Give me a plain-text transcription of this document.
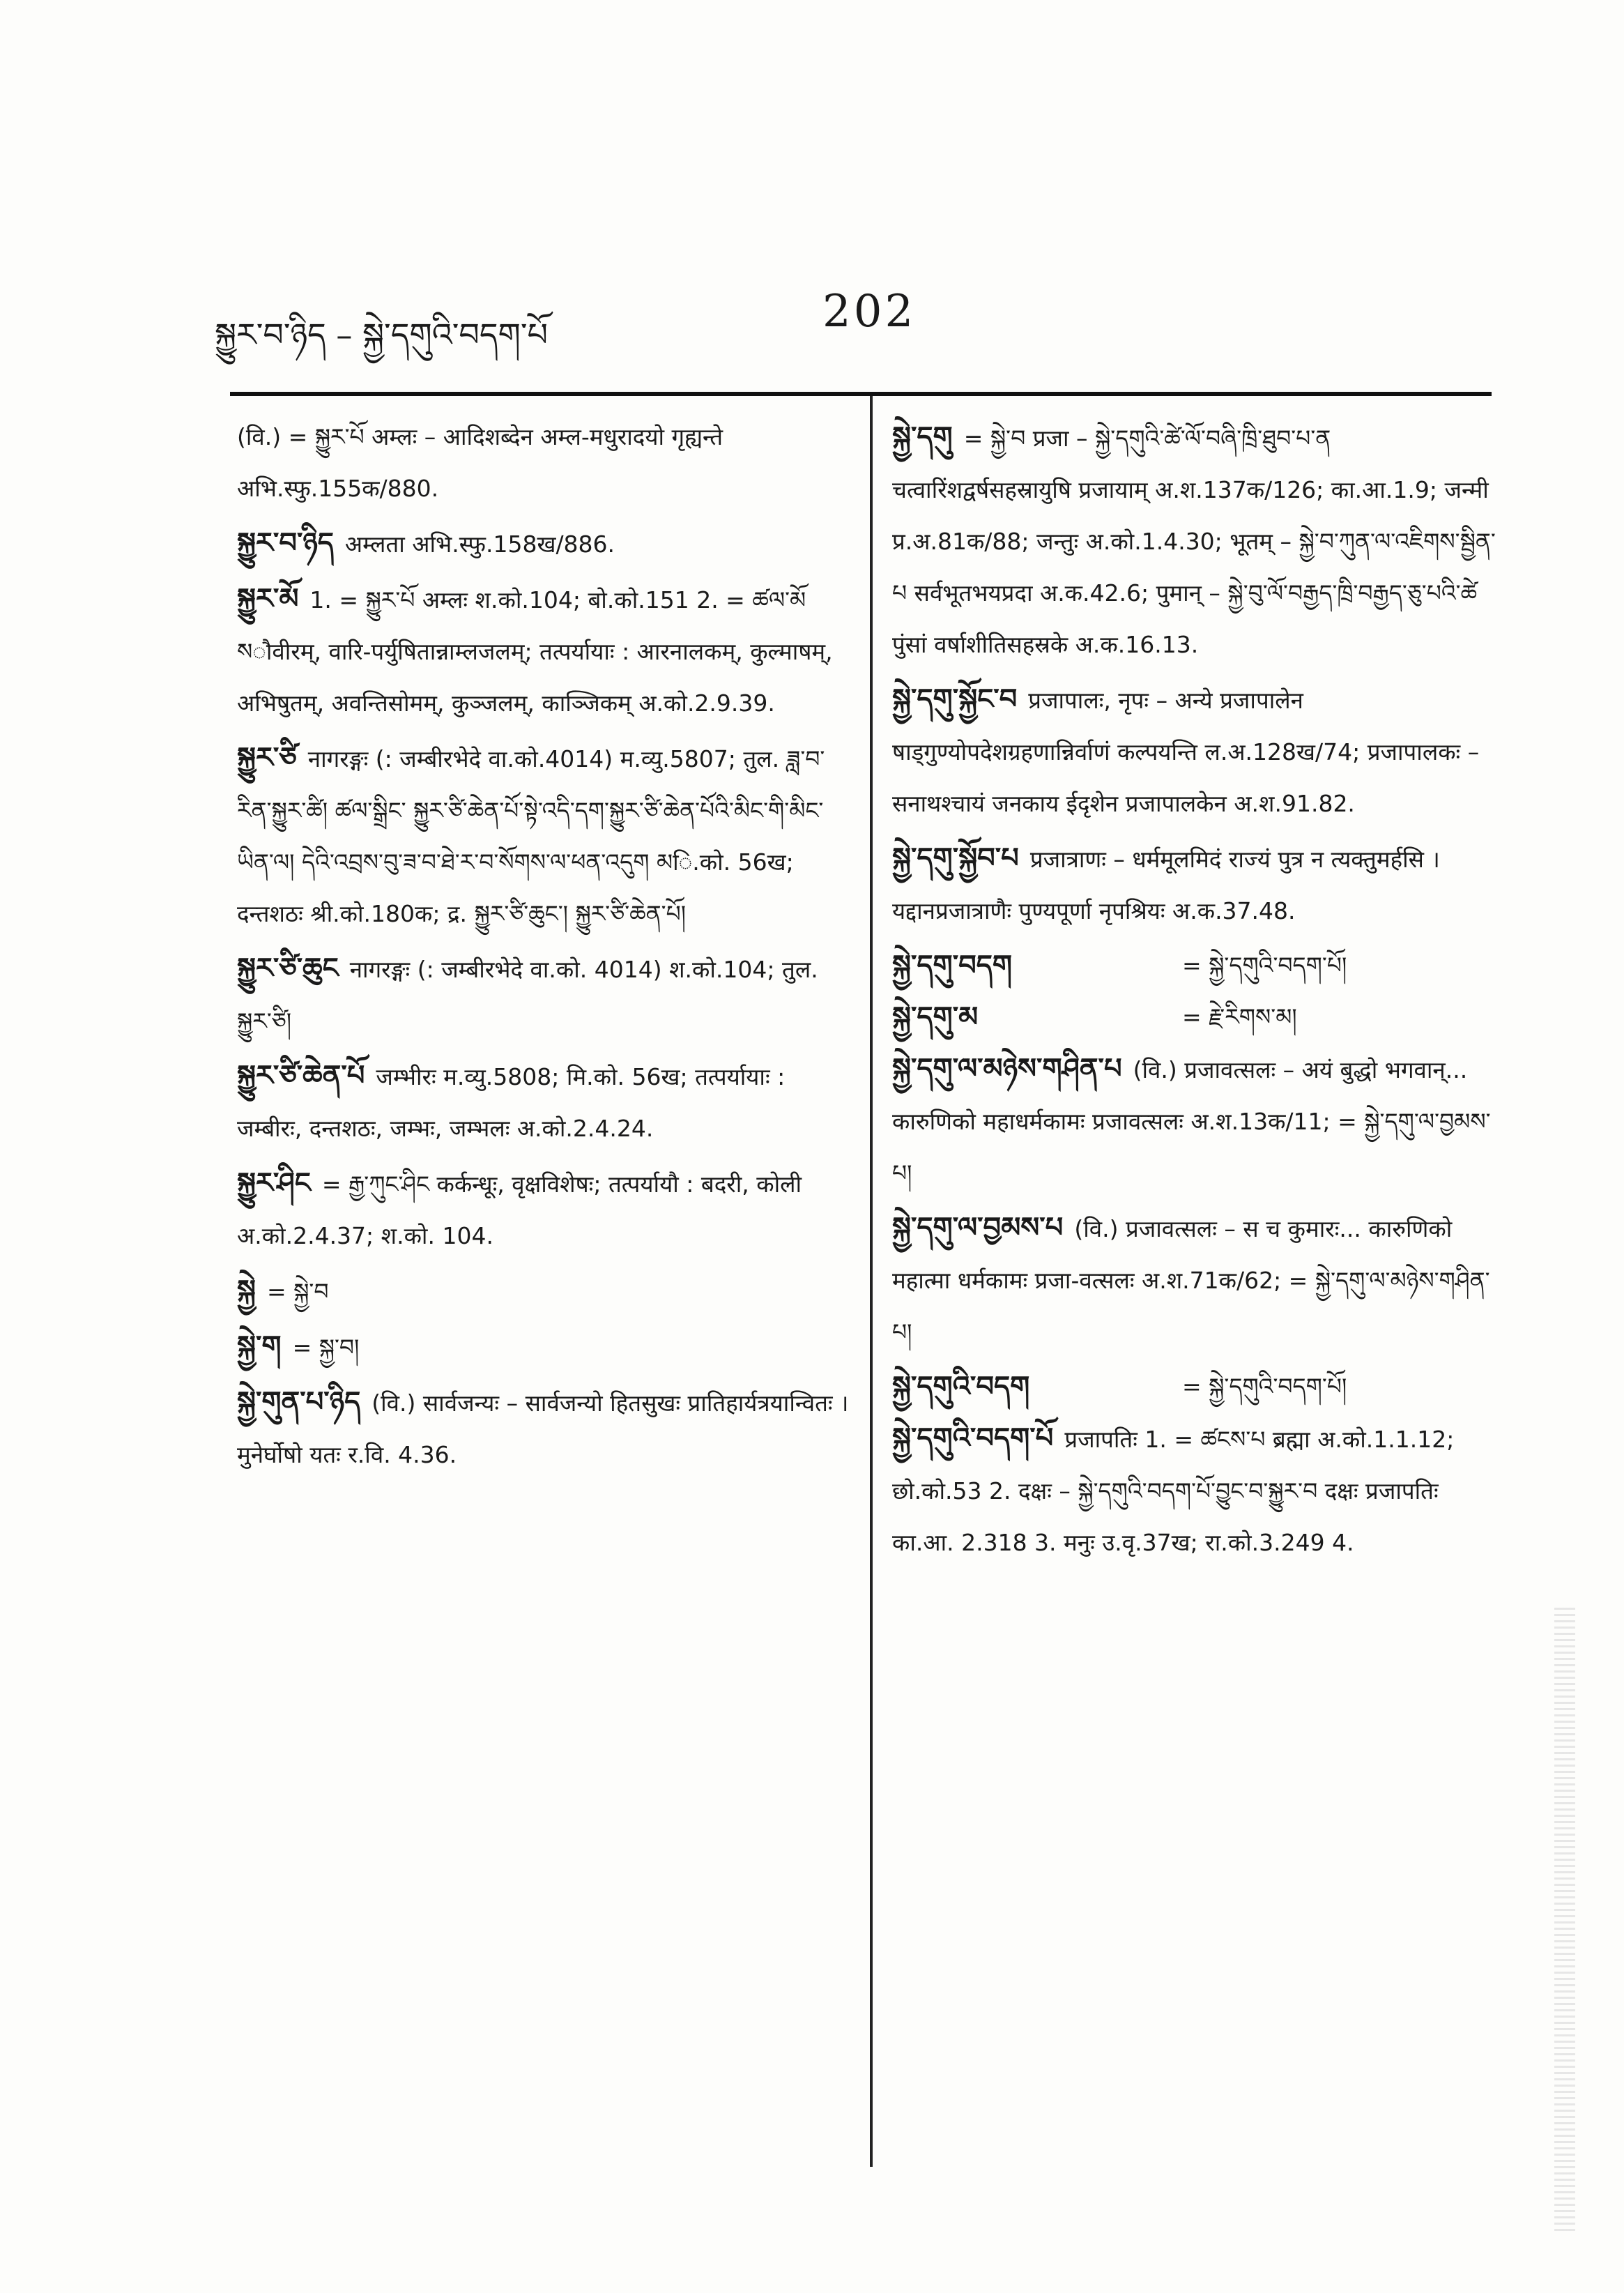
སྐྱུར་བ་ཉིད – སྐྱེ་དགུའི་བདག་པོ	202
(वि.) = སྐྱུར་པོ अम्लः – आदिशब्देन अम्ल-मधुरादयो गृह्यन्ते अभि.स्फु.155क/880.
སྐྱུར་བ་ཉིད अम्लता अभि.स्फु.158ख/886.
སྐྱུར་མོ 1. = སྐྱུར་པོ अम्लः श.को.104; बो.को.151 2. = ཚལ་མོ སौवीरम्, वारि-पर्युषितान्नाम्लजलम्; तत्पर्यायाः : आरनालकम्, कुल्माषम्, अभिषुतम्, अवन्तिसोमम्, कुञ्जलम्, काञ्जिकम् अ.को.2.9.39.
སྐྱུར་ཙི नागरङ्गः (: जम्बीरभेदे वा.को.4014) म.व्यु.5807; तुल. ཟླ་བ་རིན་སྐྱུར་ཚི། ཚལ་སྒྲིང་ སྐྱུར་ཙི་ཆེན་པོ་སྟེ་འདི་དག་སྐྱུར་ཙི་ཆེན་པོའི་མིང་གི་མིང་ཡིན་ལ། དེའི་འབྲས་བུ་ཟ་བ་ཐེ་ར་བ་སོགས་ལ་ཕན་འདུག མि.को. 56ख; दन्तशठः श्री.को.180क; द्र. སྐྱུར་ཙི་ཆུང་། སྐྱུར་ཙི་ཆེན་པོ།
སྐྱུར་ཙི་ཆུང नागरङ्गः (: जम्बीरभेदे वा.को. 4014) श.को.104; तुल. སྐྱུར་ཙི།
སྐྱུར་ཙི་ཆེན་པོ जम्भीरः म.व्यु.5808; मि.को. 56ख; तत्पर्यायाः : जम्बीरः, दन्तशठः, जम्भः, जम्भलः अ.को.2.4.24.
སྐྱུར་ཤིང = རྒྱ་ཀུང་ཤིང कर्कन्धूः, वृक्षविशेषः; तत्पर्यायौ : बदरी, कोली अ.को.2.4.37; श.को. 104.
སྐྱེ = སྐྱེ་བ
སྐྱེ་ག = སྐྱ་བ།
སྐྱེ་གུན་པ་ཉིད (वि.) सार्वजन्यः – सार्वजन्यो हितसुखः प्रातिहार्यत्रयान्वितः । मुनेर्घोषो यतः र.वि. 4.36.
སྐྱེ་དགུ = སྐྱེ་བ प्रजा – སྐྱེ་དགུའི་ཚེ་ལོ་བཞི་ཁྲི་ཐུབ་པ་ན चत्वारिंशद्वर्षसहस्रायुषि प्रजायाम् अ.श.137क/126; का.आ.1.9; जन्मी प्र.अ.81क/88; जन्तुः अ.को.1.4.30; भूतम् – སྐྱེ་བ་ཀུན་ལ་འཇིགས་སྦྱིན་པ सर्वभूतभयप्रदा अ.क.42.6; पुमान् – སྐྱེ་བུ་ལོ་བརྒྱད་ཁྲི་བརྒྱད་ཅུ་པའི་ཚེ पुंसां वर्षाशीतिसहस्रके अ.क.16.13.
སྐྱེ་དགུ་སྐྱོང་བ प्रजापालः, नृपः – अन्ये प्रजापालेन षाड्गुण्योपदेशग्रहणान्निर्वाणं कल्पयन्ति ल.अ.128ख/74; प्रजापालकः – सनाथश्चायं जनकाय ईदृशेन प्रजापालकेन अ.श.91.82.
སྐྱེ་དགུ་སྐྱོབ་པ प्रजात्राणः – धर्ममूलमिदं राज्यं पुत्र न त्यक्तुमर्हसि । यद्दानप्रजात्राणैः पुण्यपूर्णा नृपश्रियः अ.क.37.48.
སྐྱེ་དགུ་བདག	= སྐྱེ་དགུའི་བདག་པོ།
སྐྱེ་དགུ་མ	= རྗེ་རིགས་མ།
སྐྱེ་དགུ་ལ་མཉེས་གཤིན་པ (वि.) प्रजावत्सलः – अयं बुद्धो भगवान्... कारुणिको महाधर्मकामः प्रजावत्सलः अ.श.13क/11; = སྐྱེ་དགུ་ལ་བྱམས་པ།
སྐྱེ་དགུ་ལ་བྱམས་པ (वि.) प्रजावत्सलः – स च कुमारः... कारुणिको महात्मा धर्मकामः प्रजा-वत्सलः अ.श.71क/62; = སྐྱེ་དགུ་ལ་མཉེས་གཤིན་པ།
སྐྱེ་དགུའི་བདག	= སྐྱེ་དགུའི་བདག་པོ།
སྐྱེ་དགུའི་བདག་པོ प्रजापतिः 1. = ཚངས་པ ब्रह्मा अ.को.1.1.12; छो.को.53 2. दक्षः – སྐྱེ་དགུའི་བདག་པོ་བྱུང་བ་སྐྱུར་བ दक्षः प्रजापतिः का.आ. 2.318 3. मनुः उ.वृ.37ख; रा.को.3.249 4.
